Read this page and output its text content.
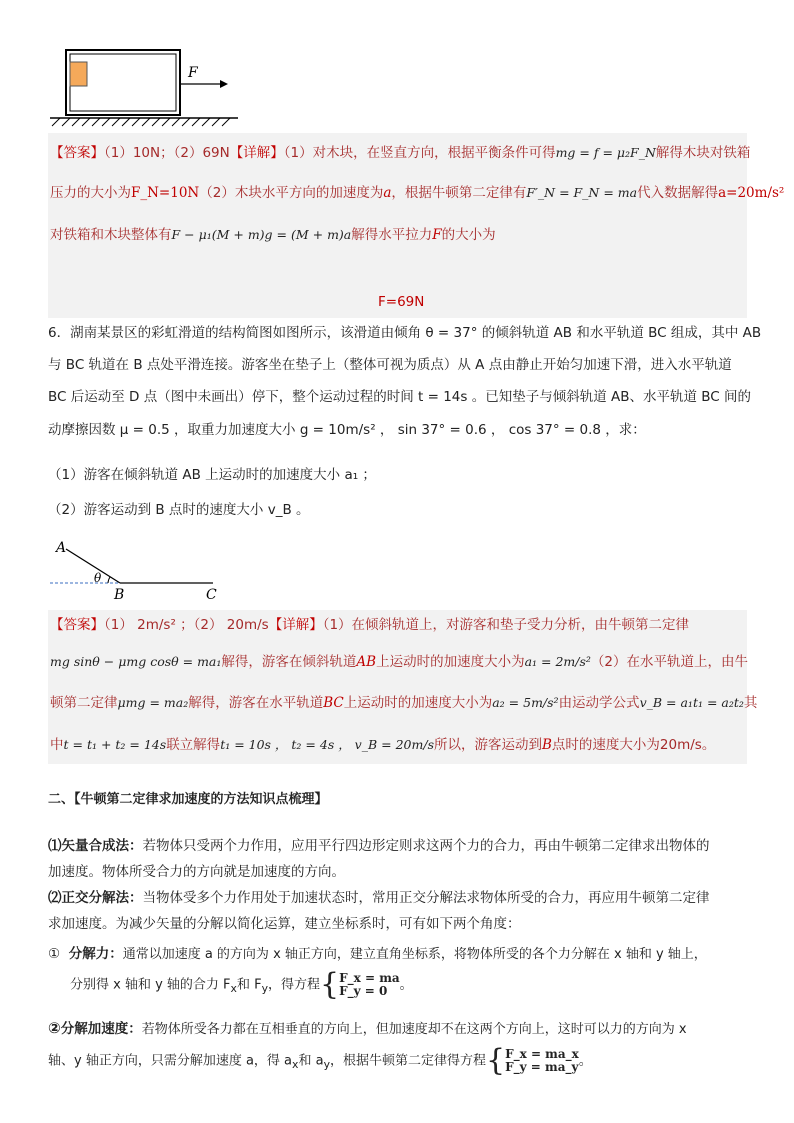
F
【答案】（1）10N；（2）69N【详解】（1）对木块，在竖直方向，根据平衡条件可得mg = f = μ₂F_N解得木块对铁箱
压力的大小为F_N=10N（2）木块水平方向的加速度为a，根据牛顿第二定律有F′_N = F_N = ma代入数据解得a=20m/s²
对铁箱和木块整体有F − μ₁(M + m)g = (M + m)a解得水平拉力F的大小为
F=69N
6．湖南某景区的彩虹滑道的结构简图如图所示，该滑道由倾角 θ = 37° 的倾斜轨道 AB 和水平轨道 BC 组成，其中 AB
与 BC 轨道在 B 点处平滑连接。游客坐在垫子上（整体可视为质点）从 A 点由静止开始匀加速下滑，进入水平轨道
BC 后运动至 D 点（图中未画出）停下，整个运动过程的时间 t = 14s 。已知垫子与倾斜轨道 AB、水平轨道 BC 间的
动摩擦因数 μ = 0.5 ，取重力加速度大小 g = 10m/s² ， sin 37° = 0.6 ， cos 37° = 0.8 ，求：
（1）游客在倾斜轨道 AB 上运动时的加速度大小 a₁ ；
（2）游客运动到 B 点时的速度大小 v_B 。
A
θ
B	C
【答案】（1） 2m/s² ；（2） 20m/s【详解】（1）在倾斜轨道上，对游客和垫子受力分析，由牛顿第二定律
mg sinθ − μmg cosθ = ma₁解得，游客在倾斜轨道AB上运动时的加速度大小为a₁ = 2m/s²（2）在水平轨道上，由牛
顿第二定律μmg = ma₂解得，游客在水平轨道BC上运动时的加速度大小为a₂ = 5m/s²由运动学公式v_B = a₁t₁ = a₂t₂其
中t = t₁ + t₂ = 14s联立解得t₁ = 10s ， t₂ = 4s ， v_B = 20m/s所以，游客运动到B点时的速度大小为20m/s。
二、【牛顿第二定律求加速度的方法知识点梳理】
⑴矢量合成法：若物体只受两个力作用，应用平行四边形定则求这两个力的合力，再由牛顿第二定律求出物体的
加速度。物体所受合力的方向就是加速度的方向。
⑵正交分解法：当物体受多个力作用处于加速状态时，常用正交分解法求物体所受的合力，再应用牛顿第二定律
求加速度。为减少矢量的分解以简化运算，建立坐标系时，可有如下两个角度：
① 分解力：通常以加速度 a 的方向为 x 轴正方向，建立直角坐标系，将物体所受的各个力分解在 x 轴和 y 轴上，
分别得 x 轴和 y 轴的合力 $F_x$和 $F_y$，得方程{F_x = ma
F_y = 0 。
②分解加速度：若物体所受各力都在互相垂直的方向上，但加速度却不在这两个方向上，这时可以力的方向为 x
轴、y 轴正方向，只需分解加速度 a，得 $a_x$和 $a_y$，根据牛顿第二定律得方程{F_x = ma_x
F_y = ma_y。
